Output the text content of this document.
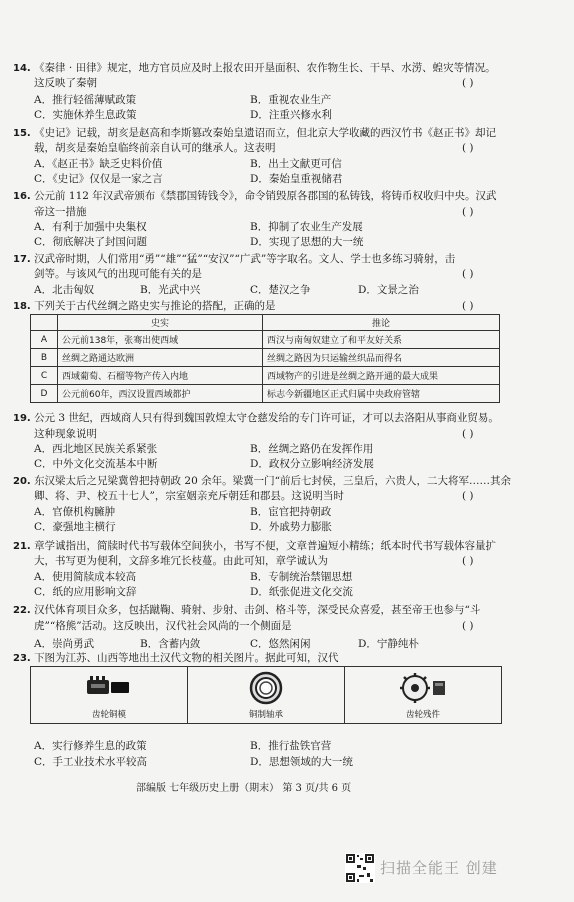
14. 《秦律 · 田律》规定，地方官员应及时上报农田开垦面积、农作物生长、干旱、水涝、蝗灾等情况。
这反映了秦朝	( )
A．推行轻徭薄赋政策	B．重视农业生产
C．实施休养生息政策	D．注重兴修水利
15. 《史记》记载，胡亥是赵高和李斯篡改秦始皇遗诏而立，但北京大学收藏的西汉竹书《赵正书》却记
载，胡亥是秦始皇临终前亲自认可的继承人。这表明	( )
A．《赵正书》缺乏史料价值	B．出土文献更可信
C．《史记》仅仅是一家之言	D．秦始皇重视储君
16. 公元前 112 年汉武帝颁布《禁郡国铸钱令》，命令销毁原各郡国的私铸钱，将铸币权收归中央。汉武
帝这一措施	( )
A．有利于加强中央集权	B．抑制了农业生产发展
C．彻底解决了封国问题	D．实现了思想的大一统
17. 汉武帝时期，人们常用“勇”“雄”“猛”“安汉”“广武”等字取名。文人、学士也多练习骑射，击
剑等。与该风气的出现可能有关的是	( )
A．北击匈奴	B．光武中兴	C．楚汉之争	D．文景之治
18. 下列关于古代丝绸之路史实与推论的搭配，正确的是	( )
	史实	推论
A	公元前138年，张骞出使西域	西汉与南匈奴建立了和平友好关系
B	丝绸之路通达欧洲	丝绸之路因为只运输丝织品而得名
C	西域葡萄、石榴等物产传入内地	西域物产的引进是丝绸之路开通的最大成果
D	公元前60年，西汉设置西域都护	标志今新疆地区正式归属中央政府管辖
19. 公元 3 世纪，西域商人只有得到魏国敦煌太守仓慈发给的专门许可证，才可以去洛阳从事商业贸易。
这种现象说明	( )
A．西北地区民族关系紧张	B．丝绸之路仍在发挥作用
C．中外文化交流基本中断	D．政权分立影响经济发展
20. 东汉梁太后之兄梁冀曾把持朝政 20 余年。梁冀一门“前后七封侯，三皇后，六贵人，二大将军……其余
卿、将、尹、校五十七人”，宗室姻亲充斥朝廷和郡县。这说明当时	( )
A．官僚机构臃肿	B．宦官把持朝政
C．豪强地主横行	D．外戚势力膨胀
21. 章学诚指出，简牍时代书写载体空间狭小，书写不便，文章普遍短小精练；纸本时代书写载体容量扩
大，书写更为便利，文辞多堆冗长枝蔓。由此可知，章学诚认为	( )
A．使用简牍成本较高	B．专制统治禁锢思想
C．纸的应用影响文辞	D．纸张促进文化交流
22. 汉代体育项目众多，包括蹴鞠、骑射、步射、击剑、格斗等，深受民众喜爱，甚至帝王也参与“斗
虎”“格熊”活动。这反映出，汉代社会风尚的一个侧面是	( )
A．崇尚勇武	B．含蓄内敛	C．悠然闲闲	D．宁静纯朴
23. 下图为江苏、山西等地出土汉代文物的相关图片。据此可知，汉代
齿轮铜模	铜制轴承	齿轮残件
A．实行修养生息的政策	B．推行盐铁官营
C．手工业技术水平较高	D．思想领域的大一统
部编版 七年级历史上册（期末） 第 3 页/共 6 页
扫描全能王 创建
